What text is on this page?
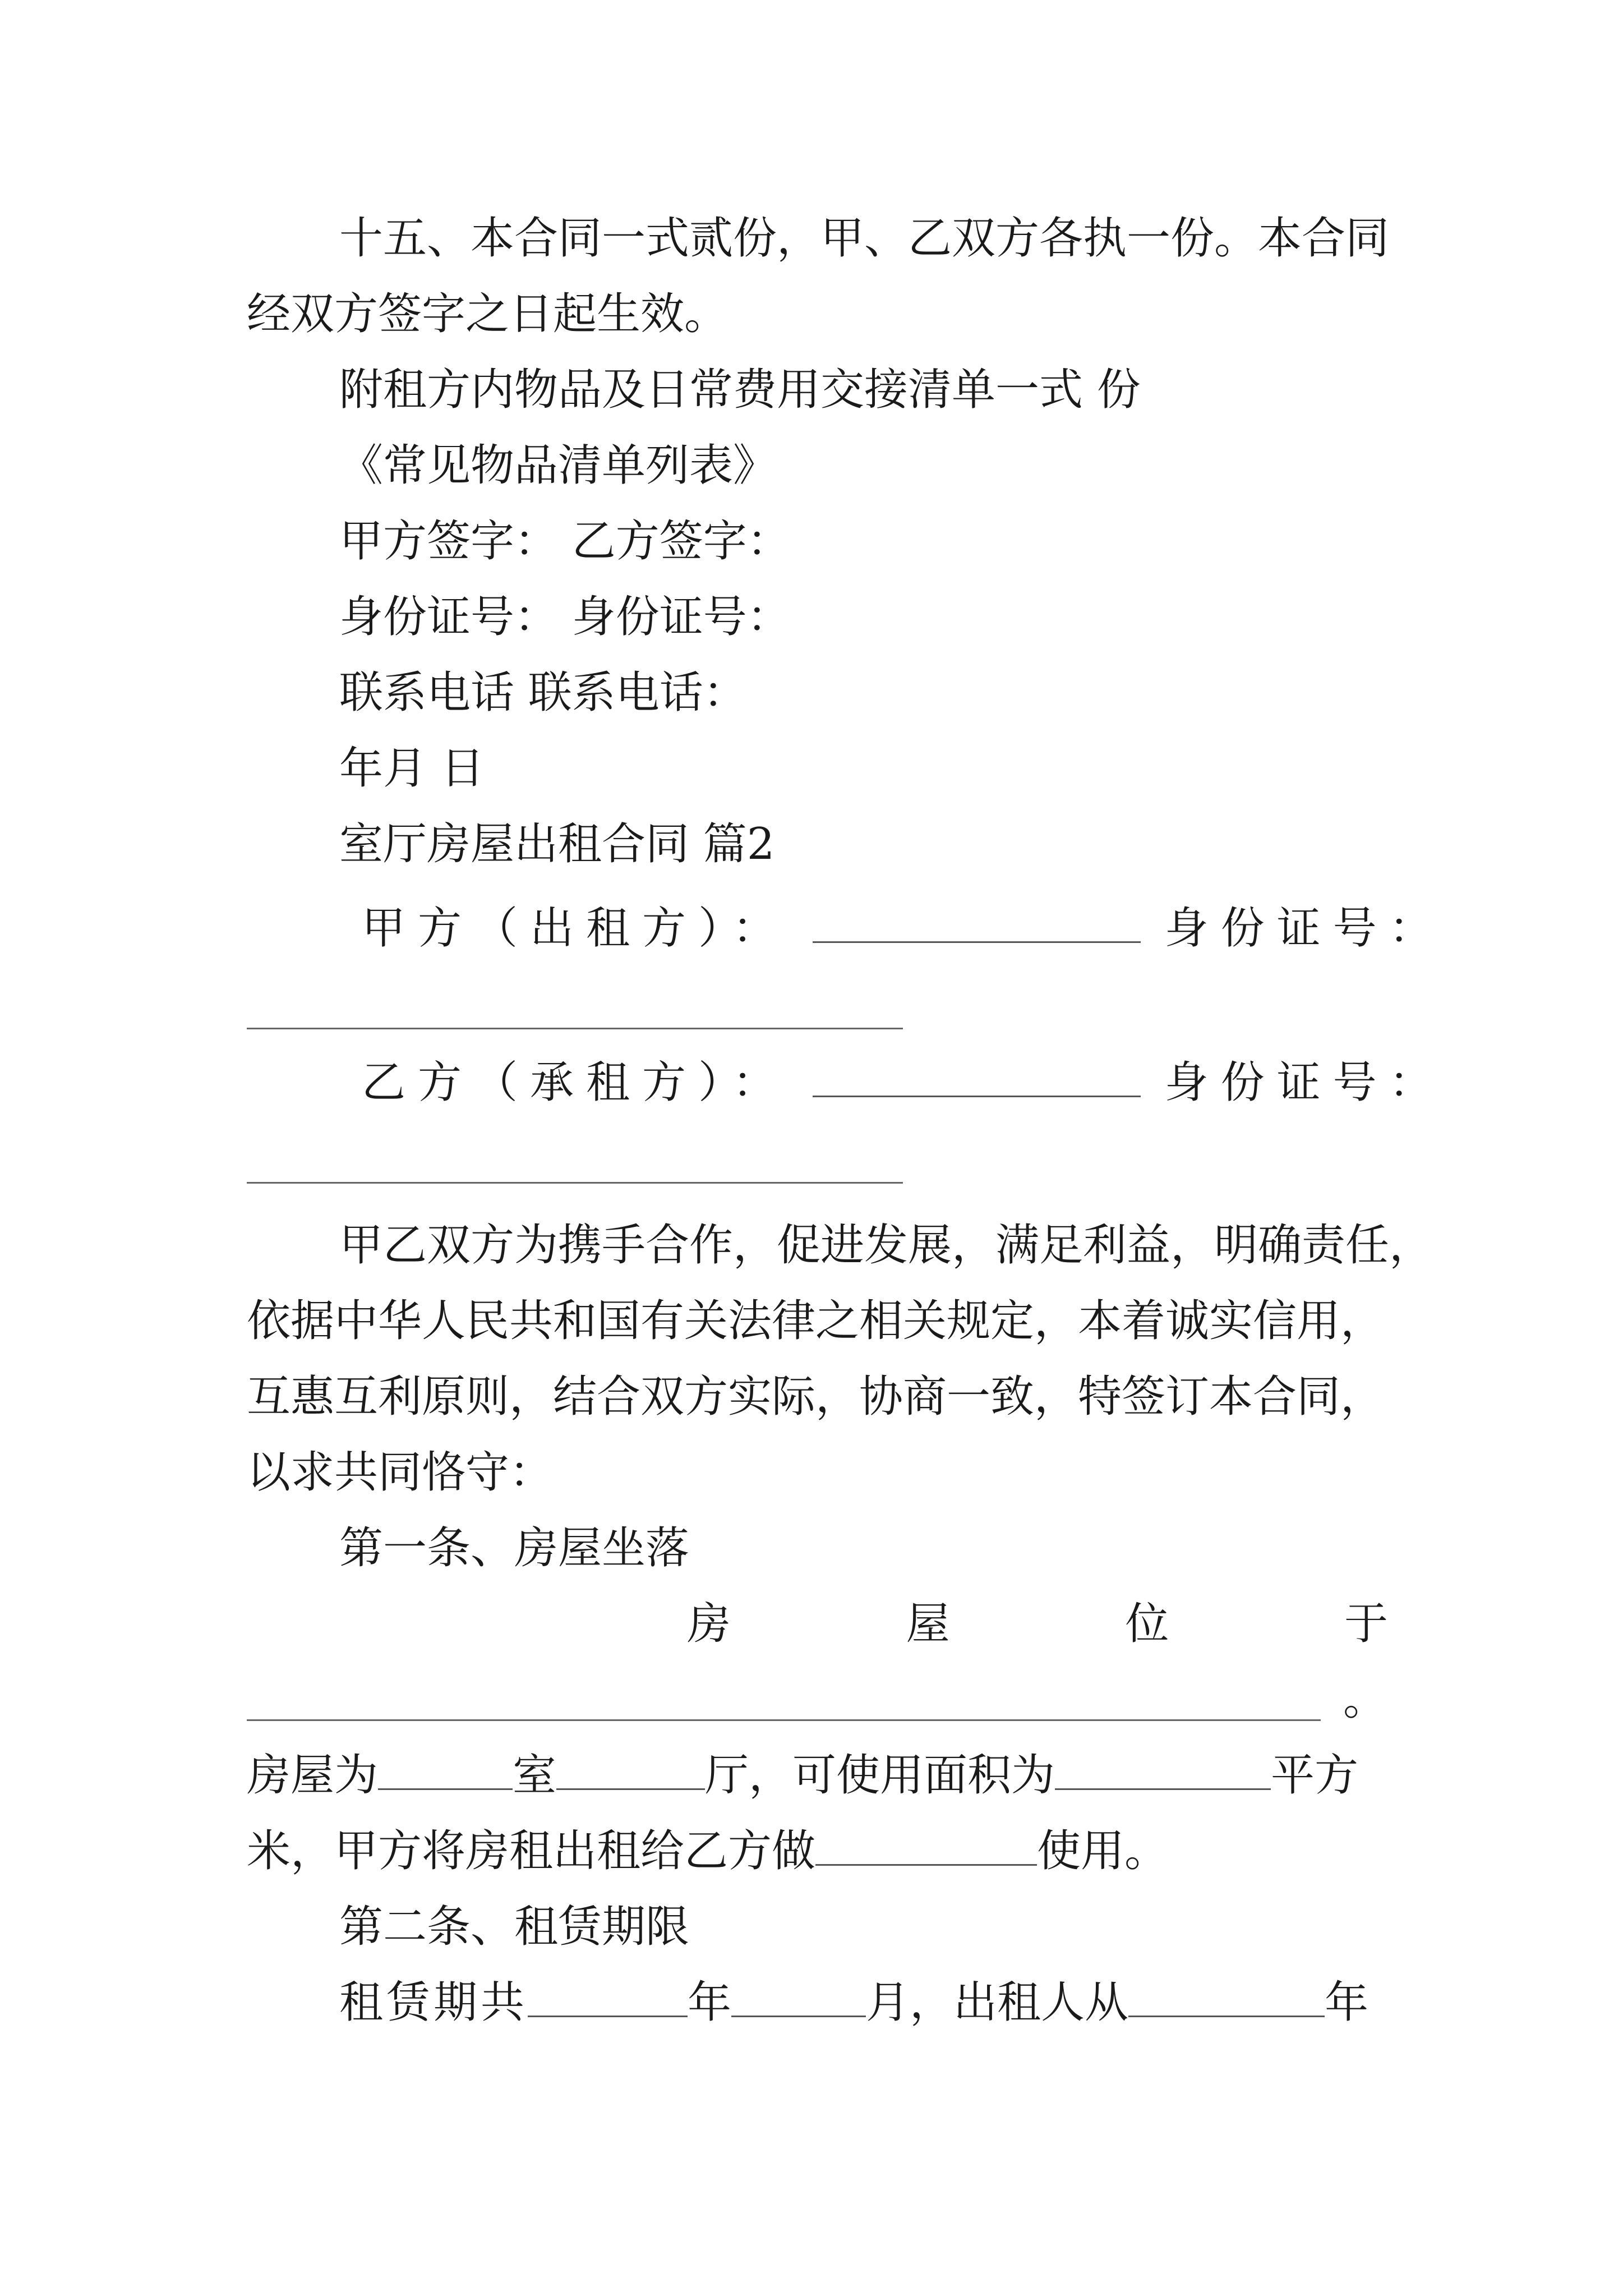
十五、本合同一式贰份，甲、乙双方各执一份。本合同
经双方签字之日起生效。
附租方内物品及日常费用交接清单一式 份
《常见物品清单列表》
甲方签字： 乙方签字：
身份证号： 身份证号：
联系电话 联系电话：
年月 日
室厅房屋出租合同 篇2
甲方（出租方）：	身份证号：
乙方（承租方）：	身份证号：
甲乙双方为携手合作，促进发展，满足利益，明确责任，
依据中华人民共和国有关法律之相关规定，本着诚实信用，
互惠互利原则，结合双方实际，协商一致，特签订本合同，
以求共同恪守：
第一条、房屋坐落
房	屋	位	于
。
房屋为	室	厅，可使用面积为	平方
米，甲方将房租出租给乙方做	使用。
第二条、租赁期限
租赁期共	年	月，出租人从	年
